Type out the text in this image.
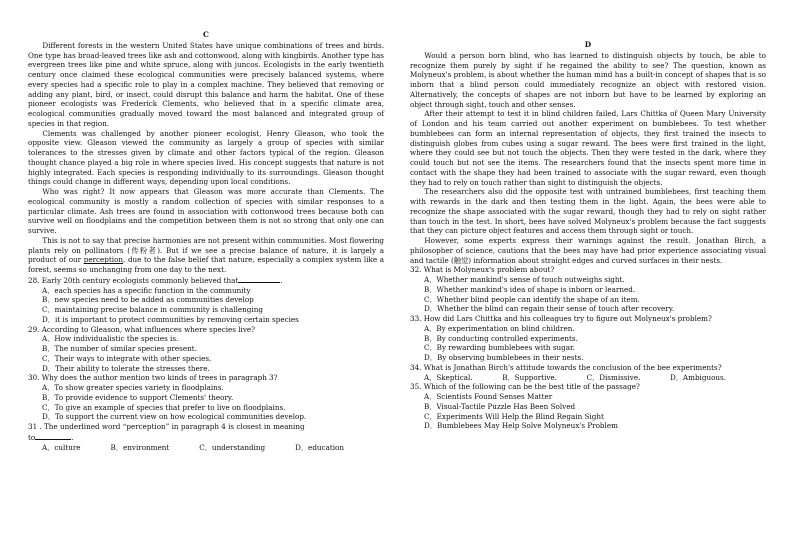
C

Different forests in the western United States have unique combinations of trees and birds. One type has broad-leaved trees like ash and cottonwood, along with kingbirds. Another type has evergreen trees like pine and white spruce, along with juncos. Ecologists in the early twentieth century once claimed these ecological communities were precisely balanced systems, where every species had a specific role to play in a complex machine. They believed that removing or adding any plant, bird, or insect, could disrupt this balance and harm the habitat. One of these pioneer ecologists was Frederick Clements, who believed that in a specific climate area, ecological communities gradually moved toward the most balanced and integrated group of species in that region.

Clements was challenged by another pioneer ecologist, Henry Gleason, who took the opposite view. Gleason viewed the community as largely a group of species with similar tolerances to the stresses given by climate and other factors typical of the region. Gleason thought chance played a big role in where species lived. His concept suggests that nature is not highly integrated. Each species is responding individually to its surroundings. Gleason thought things could change in different ways, depending upon local conditions.

Who was right? It now appears that Gleason was more accurate than Clements. The ecological community is mostly a random collection of species with similar responses to a particular climate. Ash trees are found in association with cottonwood trees because both can survive well on floodplains and the competition between them is not so strong that only one can survive.

This is not to say that precise harmonies are not present within communities. Most flowering plants rely on pollinators (传粉者). But if we see a precise balance of nature, it is largely a product of our perception, due to the false belief that nature, especially a complex system like a forest, seems so unchanging from one day to the next.

28. Early 20th century ecologists commonly believed that	.

A．each species has a specific function in the community

B．new species need to be added as communities develop

C．maintaining precise balance in community is challenging

D．it is important to protect communities by removing certain species

29. According to Gleason, what influences where species live?

A．How individualistic the species is.

B．The number of similar species present.

C．Their ways to integrate with other species.

D．Their ability to tolerate the stresses there.

30. Why does the author mention two kinds of trees in paragraph 3?

A．To show greater species variety in floodplains.

B．To provide evidence to support Clements' theory.

C．To give an example of species that prefer to live on floodplains.

D．To support the current view on how ecological communities develop.

31 . The underlined word “perception” in paragraph 4 is closest in meaning

to	.

A．culture	B．environment	C．understanding	D．education
D

Would a person born blind, who has learned to distinguish objects by touch, be able to recognize them purely by sight if he regained the ability to see? The question, known as Molyneux's problem, is about whether the human mind has a built-in concept of shapes that is so inborn that a blind person could immediately recognize an object with restored vision. Alternatively, the concepts of shapes are not inborn but have to be learned by exploring an object through sight, touch and other senses.

After their attempt to test it in blind children failed, Lars Chittka of Queen Mary University of London and his team carried out another experiment on bumblebees. To test whether bumblebees can form an internal representation of objects, they first trained the insects to distinguish globes from cubes using a sugar reward. The bees were first trained in the light, where they could see but not touch the objects. Then they were tested in the dark, where they could touch but not see the items. The researchers found that the insects spent more time in contact with the shape they had been trained to associate with the sugar reward, even though they had to rely on touch rather than sight to distinguish the objects.

The researchers also did the opposite test with untrained bumblebees, first teaching them with rewards in the dark and then testing them in the light. Again, the bees were able to recognize the shape associated with the sugar reward, though they had to rely on sight rather than touch in the test. In short, bees have solved Molyneux's problem because the fact suggests that they can picture object features and access them through sight or touch.

However, some experts express their warnings against the result. Jonathan Birch, a philosopher of science, cautions that the bees may have had prior experience associating visual and tactile (触觉) information about straight edges and curved surfaces in their nests.

32. What is Molyneux's problem about?

A．Whether mankind's sense of touch outweighs sight.

B．Whether mankind's idea of shape is inborn or learned.

C．Whether blind people can identify the shape of an item.

D．Whether the blind can regain their sense of touch after recovery.

33. How did Lars Chittka and his colleagues try to figure out Molyneux's problem?

A．By experimentation on blind children.

B．By conducting controlled experiments.

C．By rewarding bumblebees with sugar.

D．By observing bumblebees in their nests.

34. What is Jonathan Birch's attitude towards the conclusion of the bee experiments?

A．Skeptical.	B．Supportive.	C．Dismissive.	D．Ambiguous.

35. Which of the following can be the best title of the passage?

A．Scientists Found Senses Matter

B．Visual-Tactile Puzzle Has Been Solved

C．Experiments Will Help the Blind Regain Sight

D．Bumblebees May Help Solve Molyneux's Problem
